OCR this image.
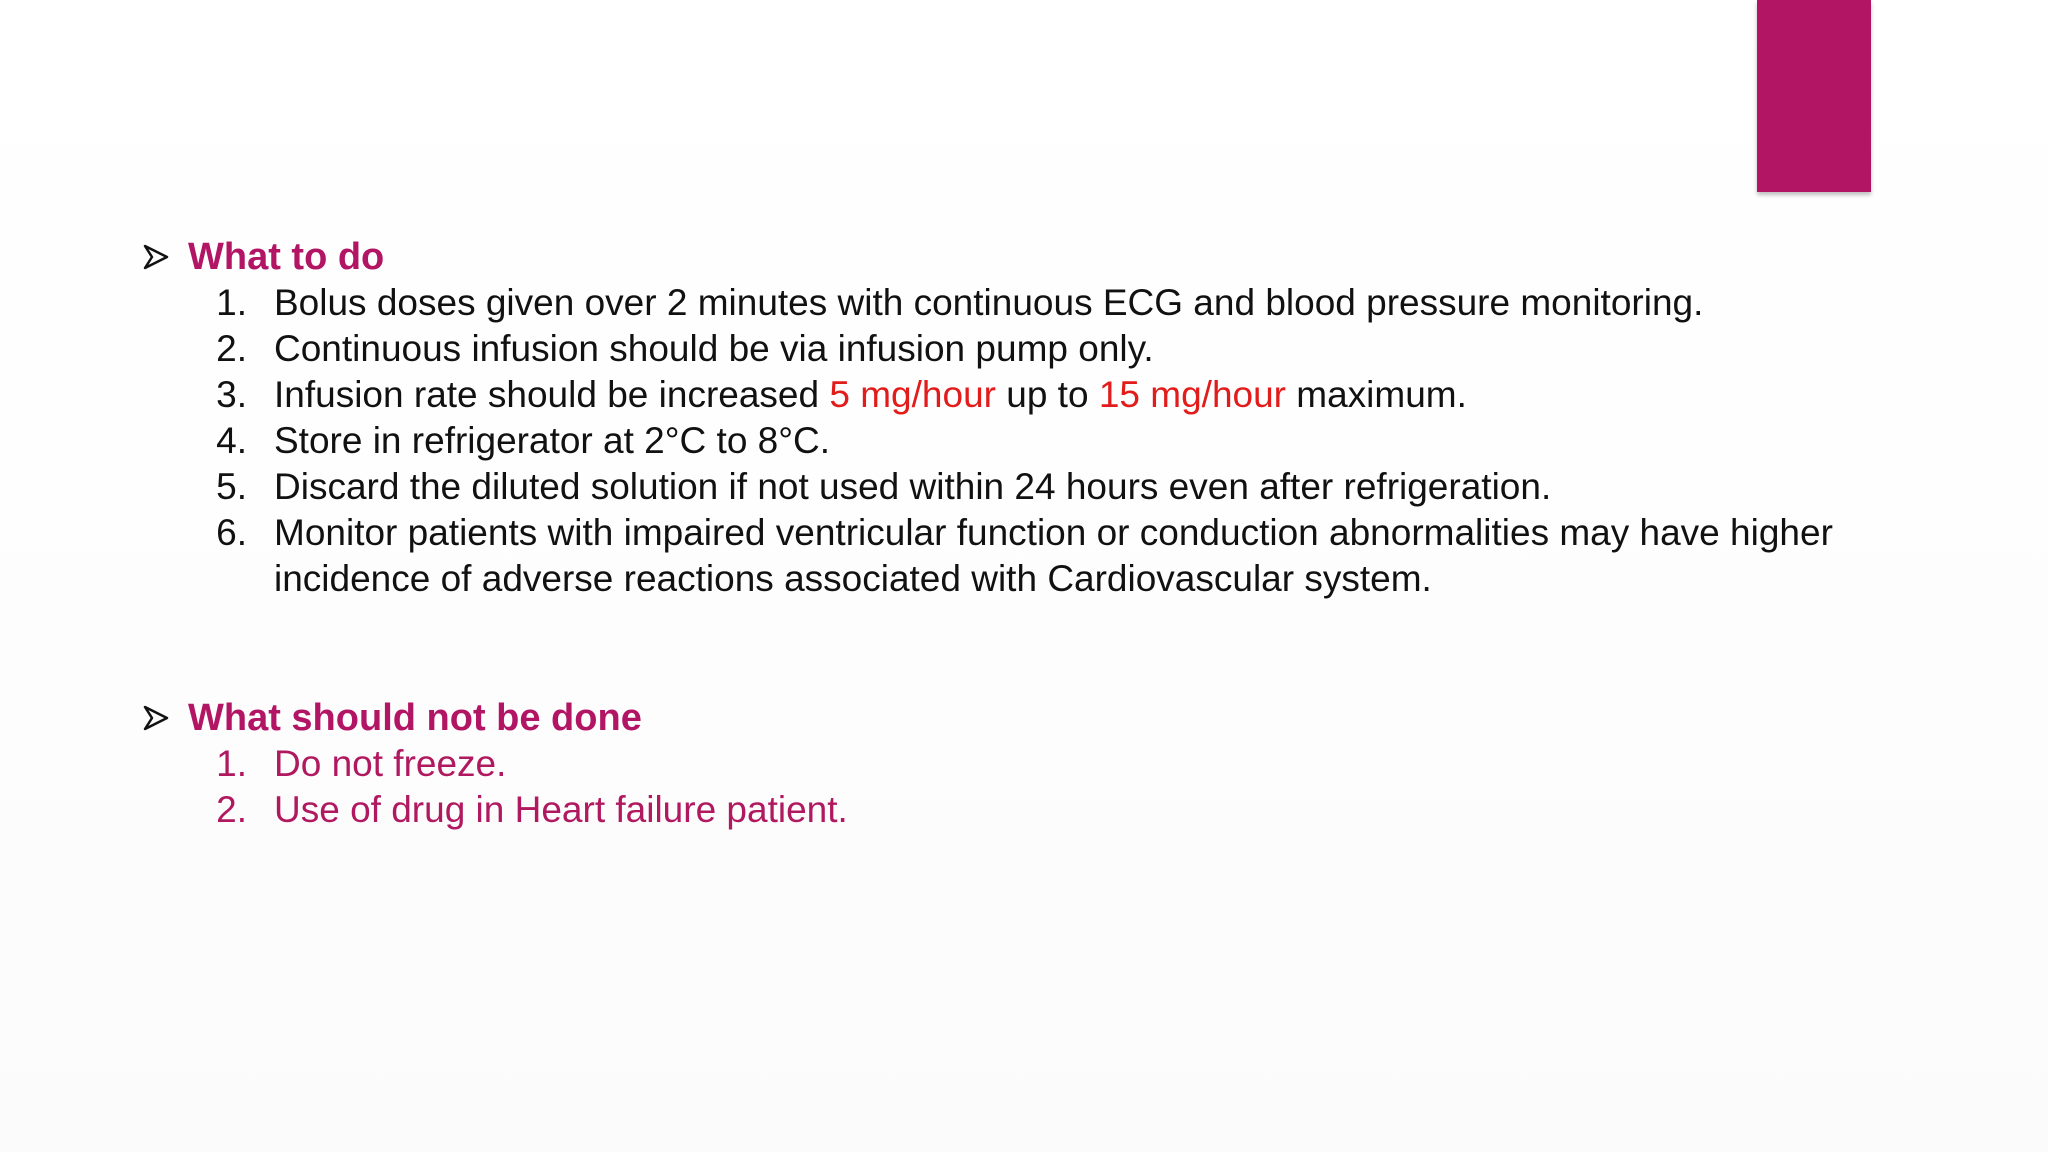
What to do
1. Bolus doses given over 2 minutes with continuous ECG and blood pressure monitoring.
2. Continuous infusion should be via infusion pump only.
3. Infusion rate should be increased 5 mg/hour up to 15 mg/hour maximum.
4. Store in refrigerator at 2°C to 8°C.
5. Discard the diluted solution if not used within 24 hours even after refrigeration.
6. Monitor patients with impaired ventricular function or conduction abnormalities may have higher incidence of adverse reactions associated with Cardiovascular system.
What should not be done
1. Do not freeze.
2. Use of drug in Heart failure patient.
